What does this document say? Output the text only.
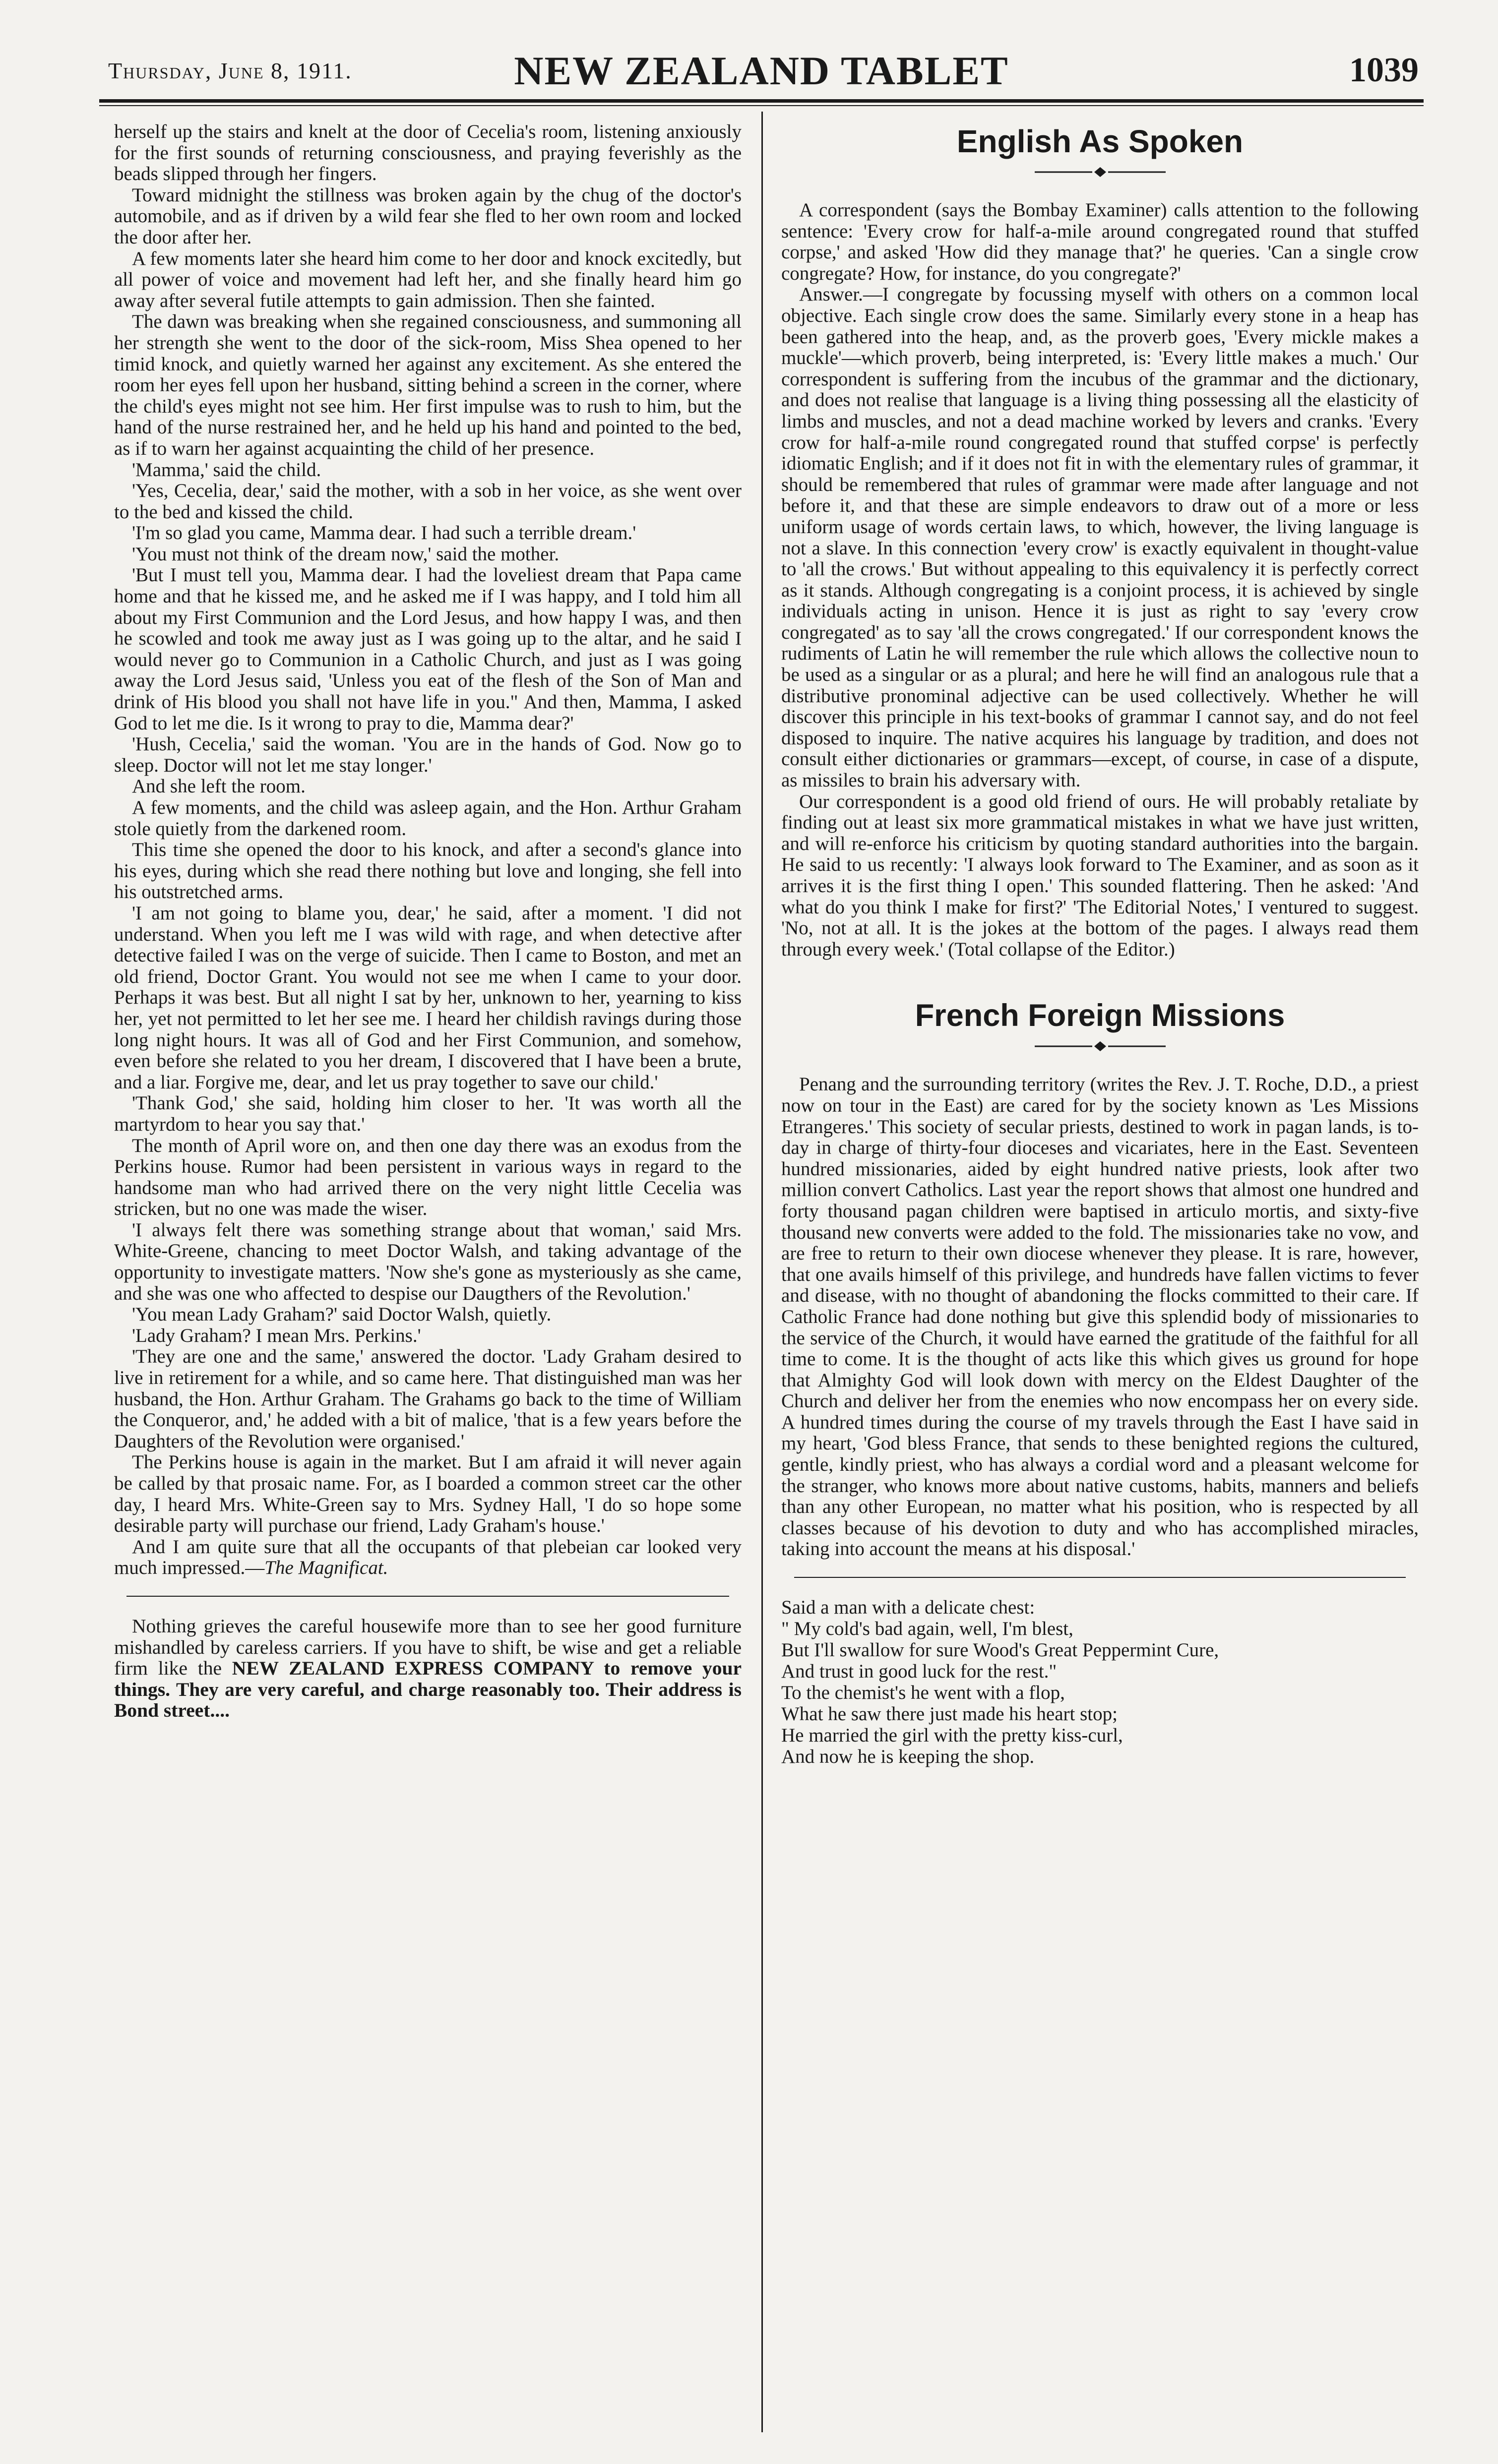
Thursday, June 8, 1911.	NEW ZEALAND TABLET	1039

herself up the stairs and knelt at the door of Cecelia's room, listening anxiously for the first sounds of returning consciousness, and praying feverishly as the beads slipped through her fingers.

Toward midnight the stillness was broken again by the chug of the doctor's automobile, and as if driven by a wild fear she fled to her own room and locked the door after her.

A few moments later she heard him come to her door and knock excitedly, but all power of voice and movement had left her, and she finally heard him go away after several futile attempts to gain admission. Then she fainted.

The dawn was breaking when she regained consciousness, and summoning all her strength she went to the door of the sick-room, Miss Shea opened to her timid knock, and quietly warned her against any excitement. As she entered the room her eyes fell upon her husband, sitting behind a screen in the corner, where the child's eyes might not see him. Her first impulse was to rush to him, but the hand of the nurse restrained her, and he held up his hand and pointed to the bed, as if to warn her against acquainting the child of her presence.

'Mamma,' said the child.

'Yes, Cecelia, dear,' said the mother, with a sob in her voice, as she went over to the bed and kissed the child.

'I'm so glad you came, Mamma dear. I had such a terrible dream.'

'You must not think of the dream now,' said the mother.

'But I must tell you, Mamma dear. I had the loveliest dream that Papa came home and that he kissed me, and he asked me if I was happy, and I told him all about my First Communion and the Lord Jesus, and how happy I was, and then he scowled and took me away just as I was going up to the altar, and he said I would never go to Communion in a Catholic Church, and just as I was going away the Lord Jesus said, 'Unless you eat of the flesh of the Son of Man and drink of His blood you shall not have life in you." And then, Mamma, I asked God to let me die. Is it wrong to pray to die, Mamma dear?'

'Hush, Cecelia,' said the woman. 'You are in the hands of God. Now go to sleep. Doctor will not let me stay longer.'

And she left the room.

A few moments, and the child was asleep again, and the Hon. Arthur Graham stole quietly from the darkened room.

This time she opened the door to his knock, and after a second's glance into his eyes, during which she read there nothing but love and longing, she fell into his outstretched arms.

'I am not going to blame you, dear,' he said, after a moment. 'I did not understand. When you left me I was wild with rage, and when detective after detective failed I was on the verge of suicide. Then I came to Boston, and met an old friend, Doctor Grant. You would not see me when I came to your door. Perhaps it was best. But all night I sat by her, unknown to her, yearning to kiss her, yet not permitted to let her see me. I heard her childish ravings during those long night hours. It was all of God and her First Communion, and somehow, even before she related to you her dream, I discovered that I have been a brute, and a liar. Forgive me, dear, and let us pray together to save our child.'

'Thank God,' she said, holding him closer to her. 'It was worth all the martyrdom to hear you say that.'

The month of April wore on, and then one day there was an exodus from the Perkins house. Rumor had been persistent in various ways in regard to the handsome man who had arrived there on the very night little Cecelia was stricken, but no one was made the wiser.

'I always felt there was something strange about that woman,' said Mrs. White-Greene, chancing to meet Doctor Walsh, and taking advantage of the opportunity to investigate matters. 'Now she's gone as mysteriously as she came, and she was one who affected to despise our Daugthers of the Revolution.'

'You mean Lady Graham?' said Doctor Walsh, quietly.

'Lady Graham? I mean Mrs. Perkins.'

'They are one and the same,' answered the doctor. 'Lady Graham desired to live in retirement for a while, and so came here. That distinguished man was her husband, the Hon. Arthur Graham. The Grahams go back to the time of William the Conqueror, and,' he added with a bit of malice, 'that is a few years before the Daughters of the Revolution were organised.'

The Perkins house is again in the market. But I am afraid it will never again be called by that prosaic name. For, as I boarded a common street car the other day, I heard Mrs. White-Green say to Mrs. Sydney Hall, 'I do so hope some desirable party will purchase our friend, Lady Graham's house.'

And I am quite sure that all the occupants of that plebeian car looked very much impressed.—The Magnificat.

Nothing grieves the careful housewife more than to see her good furniture mishandled by careless carriers. If you have to shift, be wise and get a reliable firm like the NEW ZEALAND EXPRESS COMPANY to remove your things. They are very careful, and charge reasonably too. Their address is Bond street....

English As Spoken

A correspondent (says the Bombay Examiner) calls attention to the following sentence: 'Every crow for half-a-mile around congregated round that stuffed corpse,' and asked 'How did they manage that?' he queries. 'Can a single crow congregate? How, for instance, do you congregate?'

Answer.—I congregate by focussing myself with others on a common local objective. Each single crow does the same. Similarly every stone in a heap has been gathered into the heap, and, as the proverb goes, 'Every mickle makes a muckle'—which proverb, being interpreted, is: 'Every little makes a much.' Our correspondent is suffering from the incubus of the grammar and the dictionary, and does not realise that language is a living thing possessing all the elasticity of limbs and muscles, and not a dead machine worked by levers and cranks. 'Every crow for half-a-mile round congregated round that stuffed corpse' is perfectly idiomatic English; and if it does not fit in with the elementary rules of grammar, it should be remembered that rules of grammar were made after language and not before it, and that these are simple endeavors to draw out of a more or less uniform usage of words certain laws, to which, however, the living language is not a slave. In this connection 'every crow' is exactly equivalent in thought-value to 'all the crows.' But without appealing to this equivalency it is perfectly correct as it stands. Although congregating is a conjoint process, it is achieved by single individuals acting in unison. Hence it is just as right to say 'every crow congregated' as to say 'all the crows congregated.' If our correspondent knows the rudiments of Latin he will remember the rule which allows the collective noun to be used as a singular or as a plural; and here he will find an analogous rule that a distributive pronominal adjective can be used collectively. Whether he will discover this principle in his text-books of grammar I cannot say, and do not feel disposed to inquire. The native acquires his language by tradition, and does not consult either dictionaries or grammars—except, of course, in case of a dispute, as missiles to brain his adversary with.

Our correspondent is a good old friend of ours. He will probably retaliate by finding out at least six more grammatical mistakes in what we have just written, and will re-enforce his criticism by quoting standard authorities into the bargain. He said to us recently: 'I always look forward to The Examiner, and as soon as it arrives it is the first thing I open.' This sounded flattering. Then he asked: 'And what do you think I make for first?' 'The Editorial Notes,' I ventured to suggest. 'No, not at all. It is the jokes at the bottom of the pages. I always read them through every week.' (Total collapse of the Editor.)

French Foreign Missions

Penang and the surrounding territory (writes the Rev. J. T. Roche, D.D., a priest now on tour in the East) are cared for by the society known as 'Les Missions Etrangeres.' This society of secular priests, destined to work in pagan lands, is to-day in charge of thirty-four dioceses and vicariates, here in the East. Seventeen hundred missionaries, aided by eight hundred native priests, look after two million convert Catholics. Last year the report shows that almost one hundred and forty thousand pagan children were baptised in articulo mortis, and sixty-five thousand new converts were added to the fold. The missionaries take no vow, and are free to return to their own diocese whenever they please. It is rare, however, that one avails himself of this privilege, and hundreds have fallen victims to fever and disease, with no thought of abandoning the flocks committed to their care. If Catholic France had done nothing but give this splendid body of missionaries to the service of the Church, it would have earned the gratitude of the faithful for all time to come. It is the thought of acts like this which gives us ground for hope that Almighty God will look down with mercy on the Eldest Daughter of the Church and deliver her from the enemies who now encompass her on every side. A hundred times during the course of my travels through the East I have said in my heart, 'God bless France, that sends to these benighted regions the cultured, gentle, kindly priest, who has always a cordial word and a pleasant welcome for the stranger, who knows more about native customs, habits, manners and beliefs than any other European, no matter what his position, who is respected by all classes because of his devotion to duty and who has accomplished miracles, taking into account the means at his disposal.'

Said a man with a delicate chest:
" My cold's bad again, well, I'm blest,
But I'll swallow for sure Wood's Great Peppermint Cure,
And trust in good luck for the rest."
To the chemist's he went with a flop,
What he saw there just made his heart stop;
He married the girl with the pretty kiss-curl,
And now he is keeping the shop.
